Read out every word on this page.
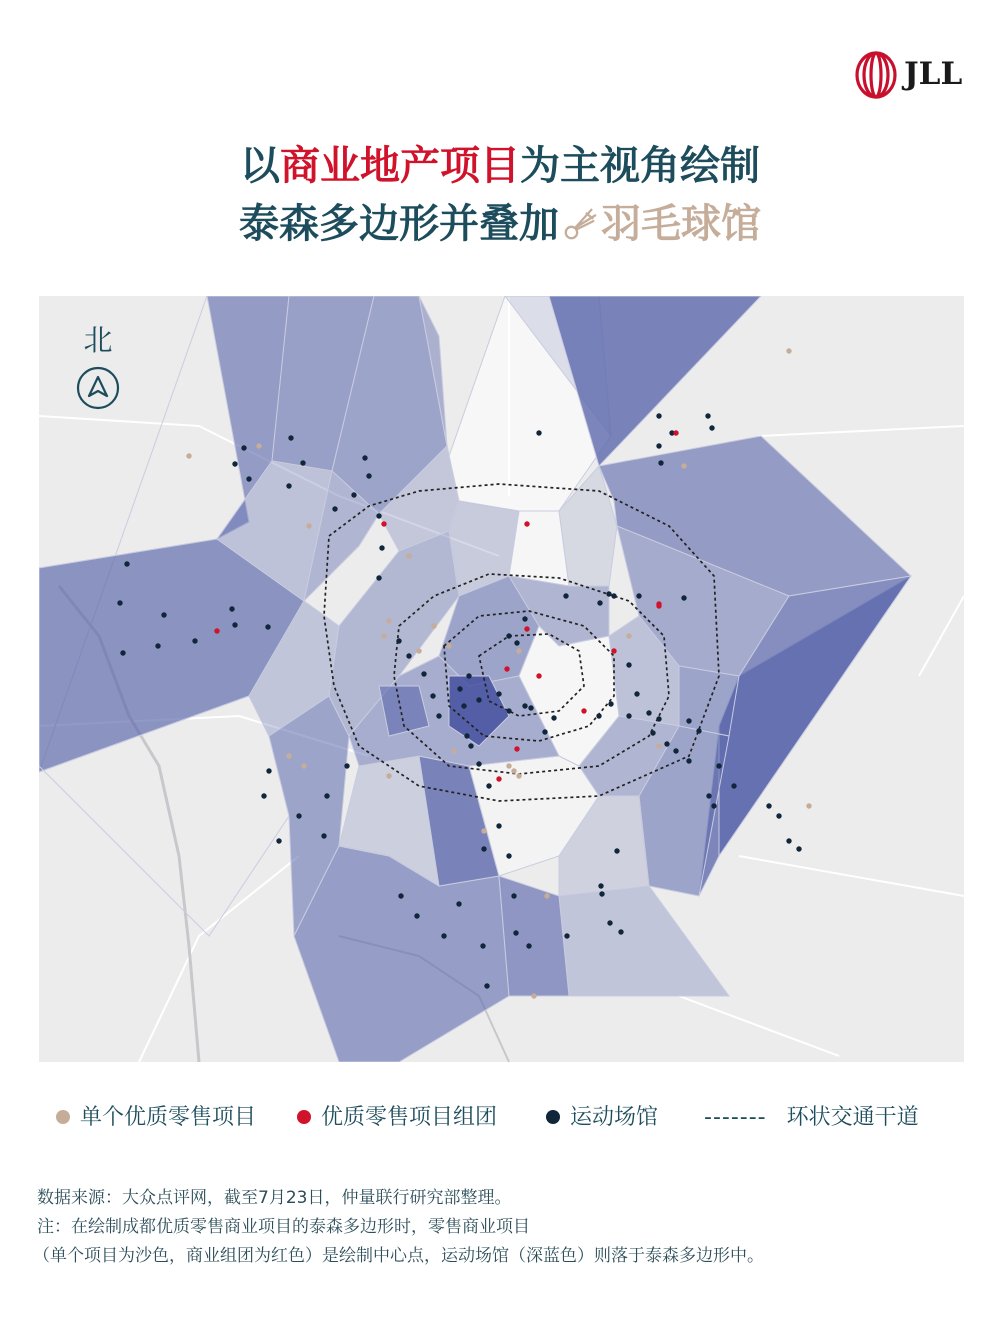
JLL
以商业地产项目为主视角绘制
泰森多边形并叠加 羽毛球馆
北
单个优质零售项目	优质零售项目组团	运动场馆 ------- 环状交通干道
数据来源：大众点评网，截至7月23日，仲量联行研究部整理。
注：在绘制成都优质零售商业项目的泰森多边形时，零售商业项目
（单个项目为沙色，商业组团为红色）是绘制中心点，运动场馆（深蓝色）则落于泰森多边形中。
